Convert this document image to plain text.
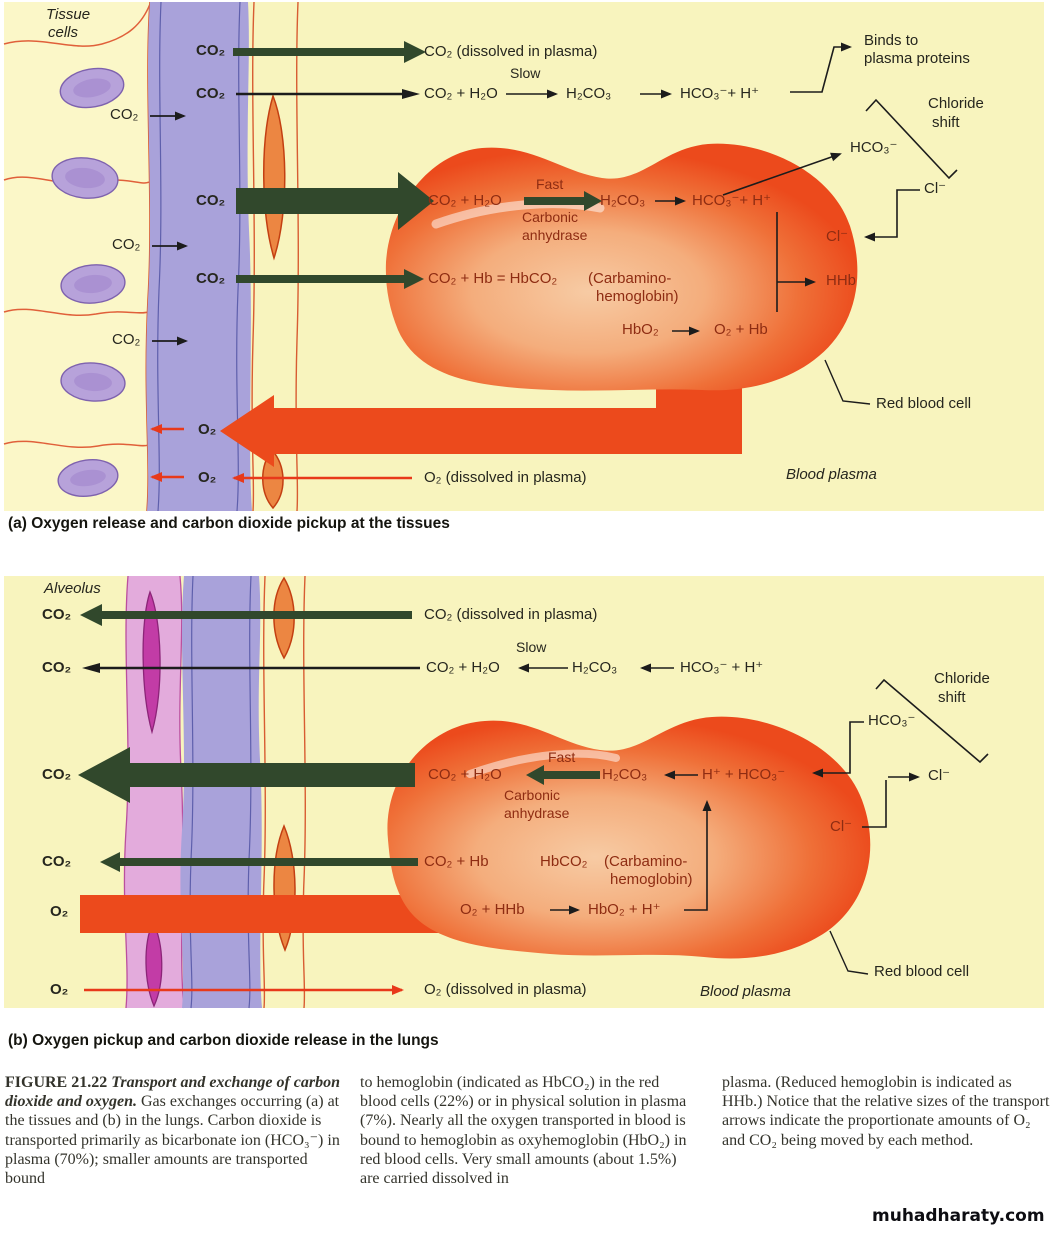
Tissue
cells
CO₂	CO₂ (dissolved in plasma)
CO₂	CO₂ + H₂O
Slow
H₂CO₃	HCO₃⁻+ H⁺
Binds to
plasma proteins
CO₂
CO₂
CO₂
CO₂	CO₂ + H₂O
Fast
H₂CO₃	HCO₃⁻+ H⁺
Carbonic
anhydrase
HCO₃⁻
Chloride
shift
Cl⁻
Cl⁻
CO₂	CO₂ + Hb = HbCO₂ (Carbamino-
hemoglobin)
HHb
HbO₂	O₂ + Hb
Red blood cell
O₂
O₂	O₂ (dissolved in plasma)	Blood plasma
(a) Oxygen release and carbon dioxide pickup at the tissues
Alveolus
CO₂	CO₂ (dissolved in plasma)
CO₂	CO₂ + H₂O
Slow
H₂CO₃	HCO₃⁻ + H⁺
Chloride
shift
CO₂	CO₂ + H₂O
Fast
H₂CO₃	H⁺ + HCO₃⁻
Carbonic
anhydrase
HCO₃⁻
Cl⁻
Cl⁻
CO₂	CO₂ + Hb	HbCO₂ (Carbamino-
hemoglobin)
O₂ + HHb	HbO₂ + H⁺
O₂
O₂	O₂ (dissolved in plasma)	Blood plasma
Red blood cell
(b) Oxygen pickup and carbon dioxide release in the lungs
FIGURE 21.22 Transport and exchange of carbon dioxide and oxygen. Gas exchanges occurring (a) at the tissues and (b) in the lungs. Carbon dioxide is transported primarily as bicarbonate ion (HCO₃⁻) in plasma (70%); smaller amounts are transported bound
to hemoglobin (indicated as HbCO₂) in the red blood cells (22%) or in physical solution in plasma (7%). Nearly all the oxygen transported in blood is bound to hemoglobin as oxyhemoglobin (HbO₂) in red blood cells. Very small amounts (about 1.5%) are carried dissolved in
plasma. (Reduced hemoglobin is indicated as HHb.) Notice that the relative sizes of the transport arrows indicate the proportionate amounts of O₂ and CO₂ being moved by each method.
muhadharaty.com
